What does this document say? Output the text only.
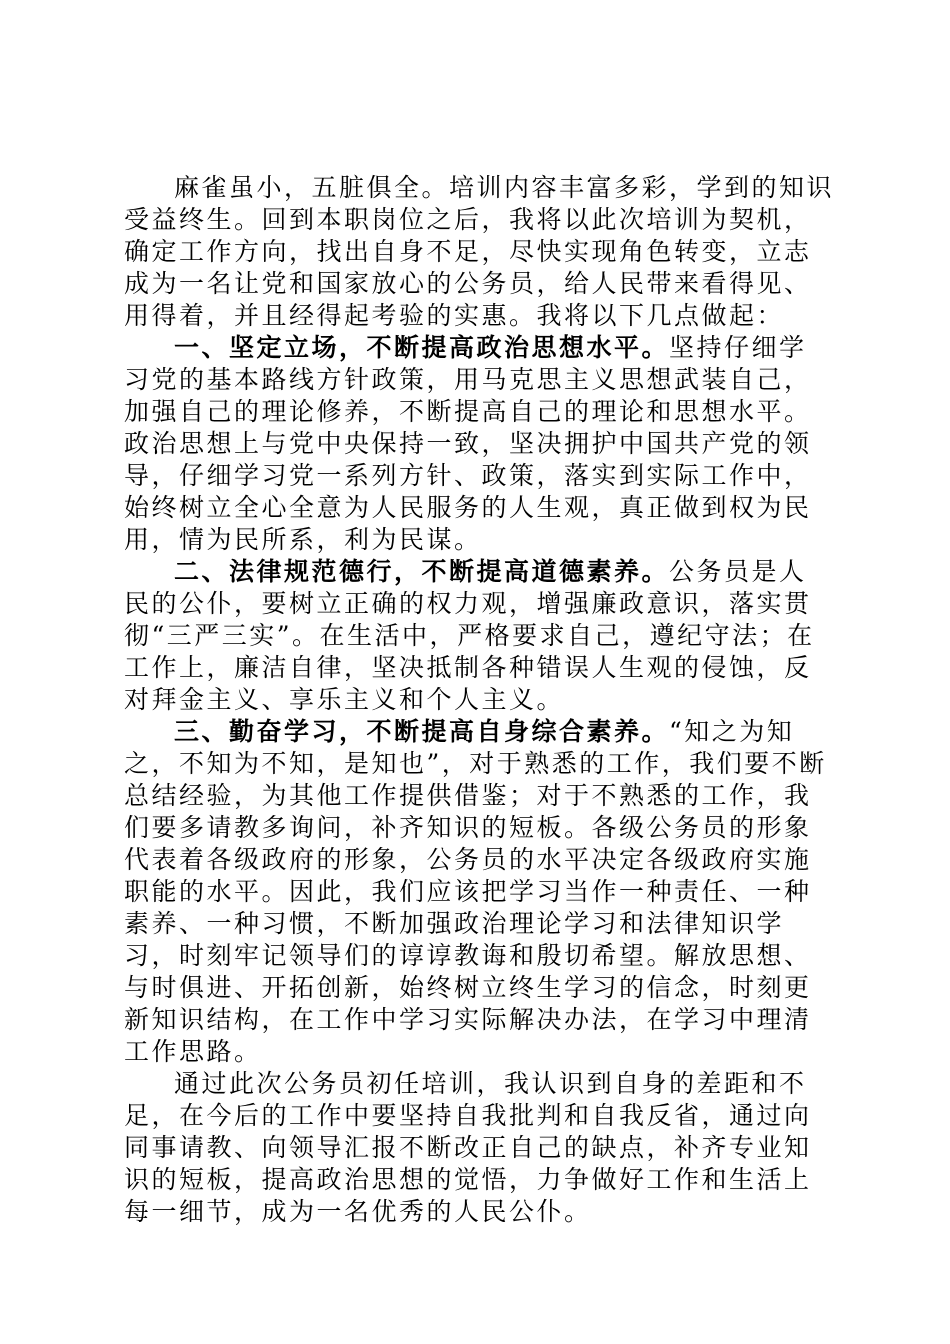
麻雀虽小，五脏俱全。培训内容丰富多彩，学到的知识受益终生。回到本职岗位之后，我将以此次培训为契机，确定工作方向，找出自身不足，尽快实现角色转变，立志成为一名让党和国家放心的公务员，给人民带来看得见、用得着，并且经得起考验的实惠。我将以下几点做起：

一、坚定立场，不断提高政治思想水平。坚持仔细学习党的基本路线方针政策，用马克思主义思想武装自己，加强自己的理论修养，不断提高自己的理论和思想水平。政治思想上与党中央保持一致，坚决拥护中国共产党的领导，仔细学习党一系列方针、政策，落实到实际工作中，始终树立全心全意为人民服务的人生观，真正做到权为民用，情为民所系，利为民谋。

二、法律规范德行，不断提高道德素养。公务员是人民的公仆，要树立正确的权力观，增强廉政意识，落实贯彻“三严三实”。在生活中，严格要求自己，遵纪守法；在工作上，廉洁自律，坚决抵制各种错误人生观的侵蚀，反对拜金主义、享乐主义和个人主义。

三、勤奋学习，不断提高自身综合素养。“知之为知之，不知为不知，是知也”，对于熟悉的工作，我们要不断总结经验，为其他工作提供借鉴；对于不熟悉的工作，我们要多请教多询问，补齐知识的短板。各级公务员的形象代表着各级政府的形象，公务员的水平决定各级政府实施职能的水平。因此，我们应该把学习当作一种责任、一种素养、一种习惯，不断加强政治理论学习和法律知识学习，时刻牢记领导们的谆谆教诲和殷切希望。解放思想、与时俱进、开拓创新，始终树立终生学习的信念，时刻更新知识结构，在工作中学习实际解决办法，在学习中理清工作思路。

通过此次公务员初任培训，我认识到自身的差距和不足，在今后的工作中要坚持自我批判和自我反省，通过向同事请教、向领导汇报不断改正自己的缺点，补齐专业知识的短板，提高政治思想的觉悟，力争做好工作和生活上每一细节，成为一名优秀的人民公仆。
